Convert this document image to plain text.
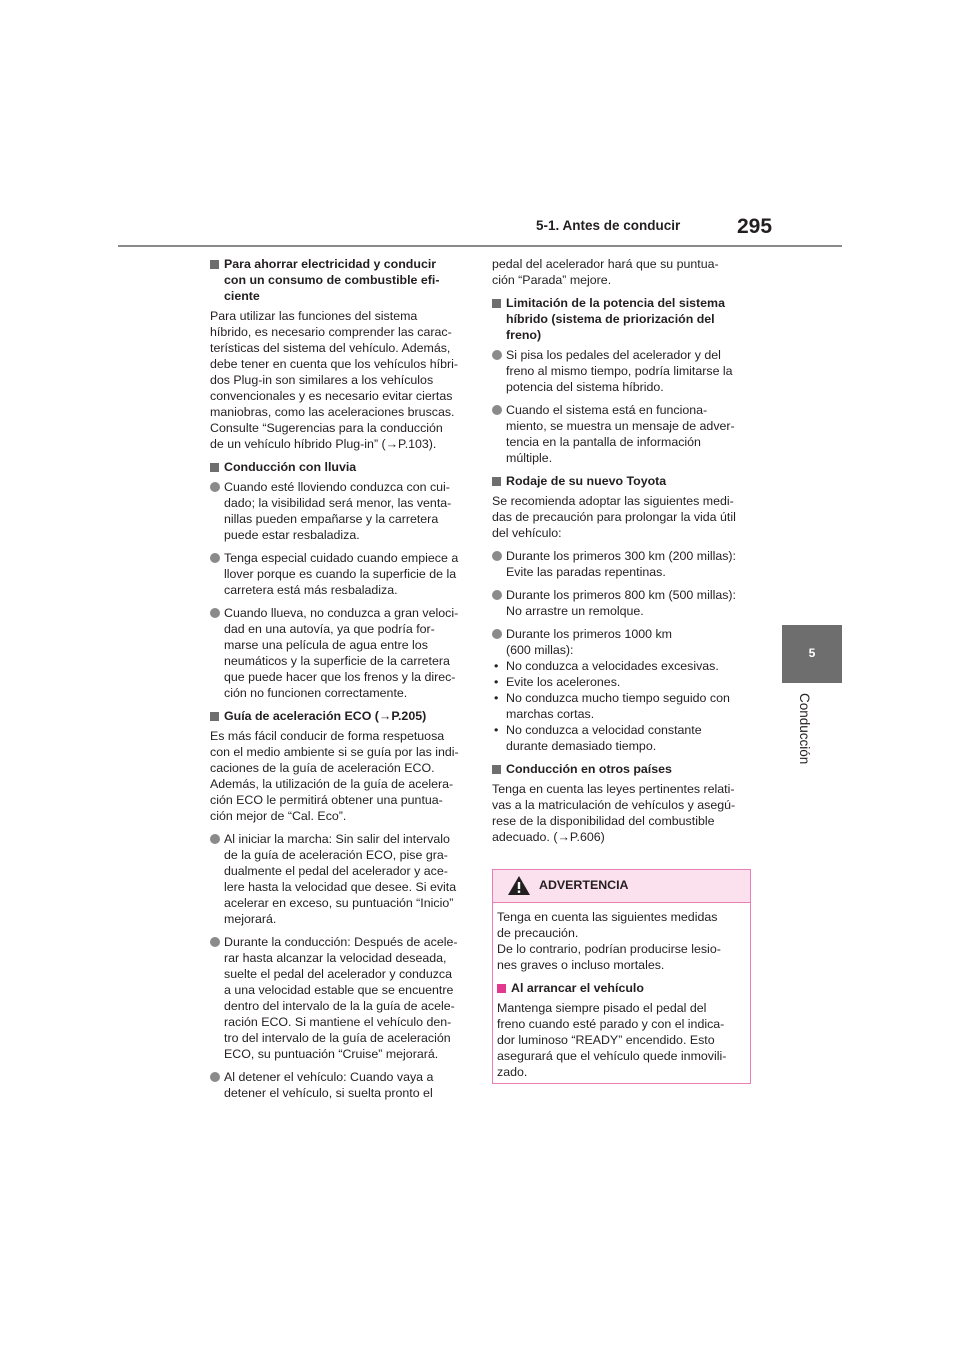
5-1. Antes de conducir	295
5
Conducción
Para ahorrar electricidad y conducir
con un consumo de combustible efi-
ciente
Para utilizar las funciones del sistema
híbrido, es necesario comprender las carac-
terísticas del sistema del vehículo. Además,
debe tener en cuenta que los vehículos híbri-
dos Plug-in son similares a los vehículos
convencionales y es necesario evitar ciertas
maniobras, como las aceleraciones bruscas.
Consulte “Sugerencias para la conducción
de un vehículo híbrido Plug-in” (→P.103).
Conducción con lluvia
Cuando esté lloviendo conduzca con cui-
dado; la visibilidad será menor, las venta-
nillas pueden empañarse y la carretera
puede estar resbaladiza.
Tenga especial cuidado cuando empiece a
llover porque es cuando la superficie de la
carretera está más resbaladiza.
Cuando llueva, no conduzca a gran veloci-
dad en una autovía, ya que podría for-
marse una película de agua entre los
neumáticos y la superficie de la carretera
que puede hacer que los frenos y la direc-
ción no funcionen correctamente.
Guía de aceleración ECO (→P.205)
Es más fácil conducir de forma respetuosa
con el medio ambiente si se guía por las indi-
caciones de la guía de aceleración ECO.
Además, la utilización de la guía de acelera-
ción ECO le permitirá obtener una puntua-
ción mejor de “Cal. Eco”.
Al iniciar la marcha: Sin salir del intervalo
de la guía de aceleración ECO, pise gra-
dualmente el pedal del acelerador y ace-
lere hasta la velocidad que desee. Si evita
acelerar en exceso, su puntuación “Inicio”
mejorará.
Durante la conducción: Después de acele-
rar hasta alcanzar la velocidad deseada,
suelte el pedal del acelerador y conduzca
a una velocidad estable que se encuentre
dentro del intervalo de la la guía de acele-
ración ECO. Si mantiene el vehículo den-
tro del intervalo de la guía de aceleración
ECO, su puntuación “Cruise” mejorará.
Al detener el vehículo: Cuando vaya a
detener el vehículo, si suelta pronto el
pedal del acelerador hará que su puntua-
ción “Parada” mejore.
Limitación de la potencia del sistema
híbrido (sistema de priorización del
freno)
Si pisa los pedales del acelerador y del
freno al mismo tiempo, podría limitarse la
potencia del sistema híbrido.
Cuando el sistema está en funciona-
miento, se muestra un mensaje de adver-
tencia en la pantalla de información
múltiple.
Rodaje de su nuevo Toyota
Se recomienda adoptar las siguientes medi-
das de precaución para prolongar la vida útil
del vehículo:
Durante los primeros 300 km (200 millas):
Evite las paradas repentinas.
Durante los primeros 800 km (500 millas):
No arrastre un remolque.
Durante los primeros 1000 km
(600 millas):
• No conduzca a velocidades excesivas.
• Evite los acelerones.
• No conduzca mucho tiempo seguido con
marchas cortas.
• No conduzca a velocidad constante
durante demasiado tiempo.
Conducción en otros países
Tenga en cuenta las leyes pertinentes relati-
vas a la matriculación de vehículos y asegú-
rese de la disponibilidad del combustible
adecuado. (→P.606)
ADVERTENCIA
Tenga en cuenta las siguientes medidas
de precaución.
De lo contrario, podrían producirse lesio-
nes graves o incluso mortales.
Al arrancar el vehículo
Mantenga siempre pisado el pedal del
freno cuando esté parado y con el indica-
dor luminoso “READY” encendido. Esto
asegurará que el vehículo quede inmovili-
zado.
